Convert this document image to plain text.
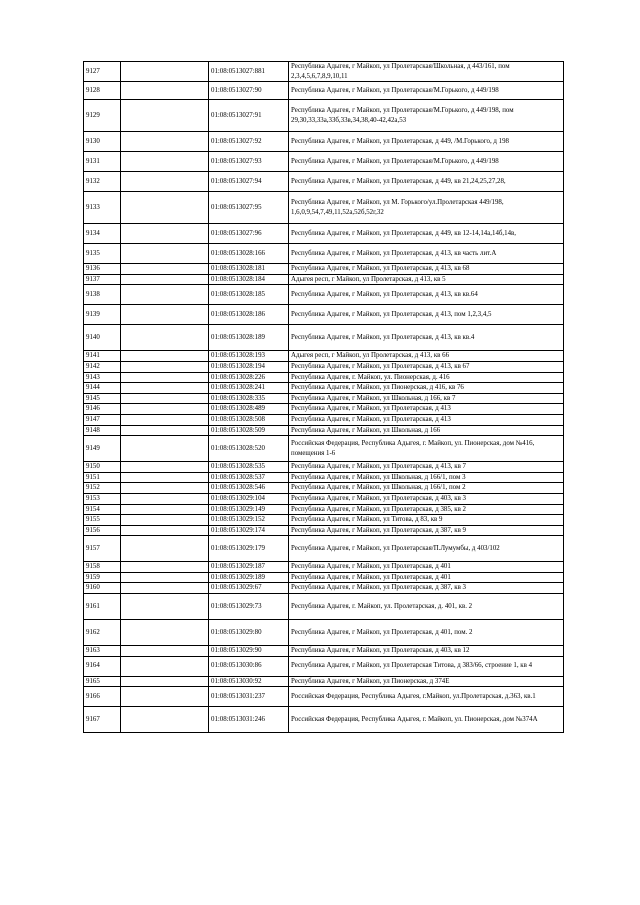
9127		01:08:0513027:881	Республика Адыгея, г Майкоп, ул Пролетарская/Школьная, д 443/161, пом 2,3,4,5,6,7,8,9,10,11
9128		01:08:0513027:90	Республика Адыгея, г Майкоп, ул Пролетарская/М.Горького, д 449/198
9129		01:08:0513027:91	Республика Адыгея, г Майкоп, ул Пролетарская/М.Горького, д 449/198, пом 29,30,33,33а,33б,33в,34,38,40-42,42а,53
9130		01:08:0513027:92	Республика Адыгея, г Майкоп, ул Пролетарская, д 449, /М.Горького, д 198
9131		01:08:0513027:93	Республика Адыгея, г Майкоп, ул Пролетарская/М.Горького, д 449/198
9132		01:08:0513027:94	Республика Адыгея, г Майкоп, ул Пролетарская, д 449, кв 21,24,25,27,28,
9133		01:08:0513027:95	Республика Адыгея, г Майкоп, ул М. Горького/ул.Пролетарская 449/198, 1,6,0,9,54,7,49,11,52а,52б,52г,32
9134		01:08:0513027:96	Республика Адыгея, г Майкоп, ул Пролетарская, д 449, кв 12-14,14а,14б,14в,
9135		01:08:0513028:166	Республика Адыгея, г Майкоп, ул Пролетарская, д 413, кв часть лит.А
9136		01:08:0513028:181	Республика Адыгея, г Майкоп, ул Пролетарская, д 413, кв 68
9137		01:08:0513028:184	Адыгея респ, г Майкоп, ул Пролетарская, д 413, кв 5
9138		01:08:0513028:185	Республика Адыгея, г Майкоп, ул Пролетарская, д 413, кв кв.64
9139		01:08:0513028:186	Республика Адыгея, г Майкоп, ул Пролетарская, д 413, пом 1,2,3,4,5
9140		01:08:0513028:189	Республика Адыгея, г Майкоп, ул Пролетарская, д 413, кв кв.4
9141		01:08:0513028:193	Адыгея респ, г Майкоп, ул Пролетарская, д 413, кв 66
9142		01:08:0513028:194	Республика Адыгея, г Майкоп, ул Пролетарская, д 413, кв 67
9143		01:08:0513028:226	Республика Адыгея, г. Майкоп, ул. Пионерская, д. 416
9144		01:08:0513028:241	Республика Адыгея, г Майкоп, ул Пионерская, д 416, кв 76
9145		01:08:0513028:335	Республика Адыгея, г Майкоп, ул Школьная, д 166, кв 7
9146		01:08:0513028:489	Республика Адыгея, г Майкоп, ул Пролетарская, д 413
9147		01:08:0513028:508	Республика Адыгея, г Майкоп, ул Пролетарская, д 413
9148		01:08:0513028:509	Республика Адыгея, г Майкоп, ул Школьная, д 166
9149		01:08:0513028:520	Российская Федерация, Республика Адыгея, г. Майкоп, ул. Пионерская, дом №416, помещения 1-6
9150		01:08:0513028:535	Республика Адыгея, г Майкоп, ул Пролетарская, д 413, кв 7
9151		01:08:0513028:537	Республика Адыгея, г Майкоп, ул Школьная, д 166/1, пом 3
9152		01:08:0513028:546	Республика Адыгея, г Майкоп, ул Школьная, д 166/1, пом 2
9153		01:08:0513029:104	Республика Адыгея, г Майкоп, ул Пролетарская, д 403, кв 3
9154		01:08:0513029:149	Республика Адыгея, г Майкоп, ул Пролетарская, д 385, кв 2
9155		01:08:0513029:152	Республика Адыгея, г Майкоп, ул Титова, д 83, кв 9
9156		01:08:0513029:174	Республика Адыгея, г Майкоп, ул Пролетарская, д 387, кв 9
9157		01:08:0513029:179	Республика Адыгея, г Майкоп, ул Пролетарская/П.Лумумбы, д 403/102
9158		01:08:0513029:187	Республика Адыгея, г Майкоп, ул Пролетарская, д 401
9159		01:08:0513029:189	Республика Адыгея, г Майкоп, ул Пролетарская, д 401
9160		01:08:0513029:67	Республика Адыгея, г Майкоп, ул Пролетарская, д 387, кв 3
9161		01:08:0513029:73	Республика Адыгея, г. Майкоп, ул. Пролетарская, д. 401, кв. 2
9162		01:08:0513029:80	Республика Адыгея, г Майкоп, ул Пролетарская, д 401, пом. 2
9163		01:08:0513029:90	Республика Адыгея, г Майкоп, ул Пролетарская, д 403, кв 12
9164		01:08:0513030:86	Республика Адыгея, г Майкоп, ул Пролетарская Титова, д 383/66, строение 1, кв 4
9165		01:08:0513030:92	Республика Адыгея, г Майкоп, ул Пионерская, д 374Е
9166		01:08:0513031:237	Российская Федерация, Республика Адыгея, г.Майкоп, ул.Пролетарская, д.363, кв.1
9167		01:08:0513031:246	Российская Федерация, Республика Адыгея, г. Майкоп, ул. Пионерская, дом №374А
